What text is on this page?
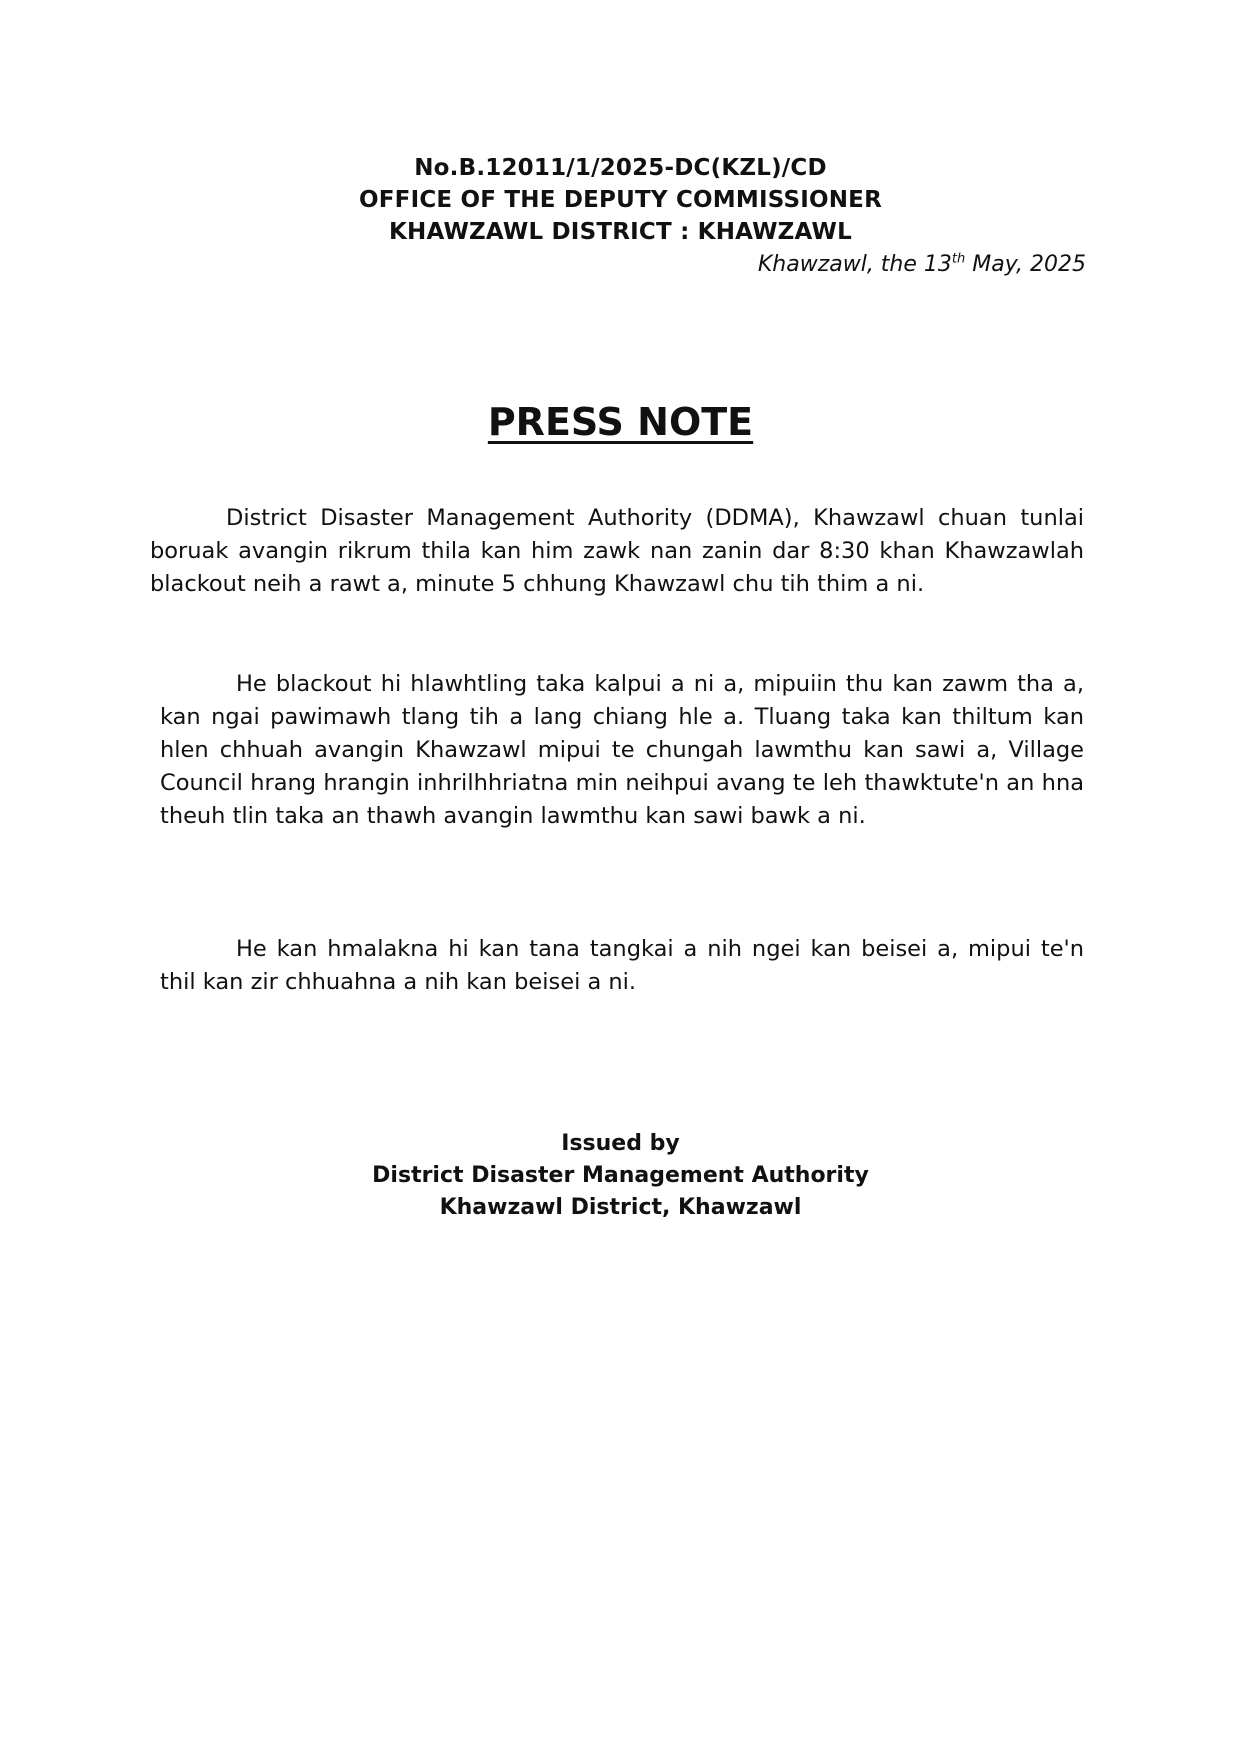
No.B.12011/1/2025-DC(KZL)/CD
OFFICE OF THE DEPUTY COMMISSIONER
KHAWZAWL DISTRICT : KHAWZAWL
Khawzawl, the 13th May, 2025
PRESS NOTE
District Disaster Management Authority (DDMA), Khawzawl chuan tunlai boruak avangin rikrum thila kan him zawk nan zanin dar 8:30 khan Khawzawlah blackout neih a rawt a, minute 5 chhung Khawzawl chu tih thim a ni.
He blackout hi hlawhtling taka kalpui a ni a, mipuiin thu kan zawm tha a, kan ngai pawimawh tlang tih a lang chiang hle a. Tluang taka kan thiltum kan hlen chhuah avangin Khawzawl mipui te chungah lawmthu kan sawi a, Village Council hrang hrangin inhrilhhriatna min neihpui avang te leh thawktute'n an hna theuh tlin taka an thawh avangin lawmthu kan sawi bawk a ni.
He kan hmalakna hi kan tana tangkai a nih ngei kan beisei a, mipui te'n thil kan zir chhuahna a nih kan beisei a ni.
Issued by
District Disaster Management Authority
Khawzawl District, Khawzawl
